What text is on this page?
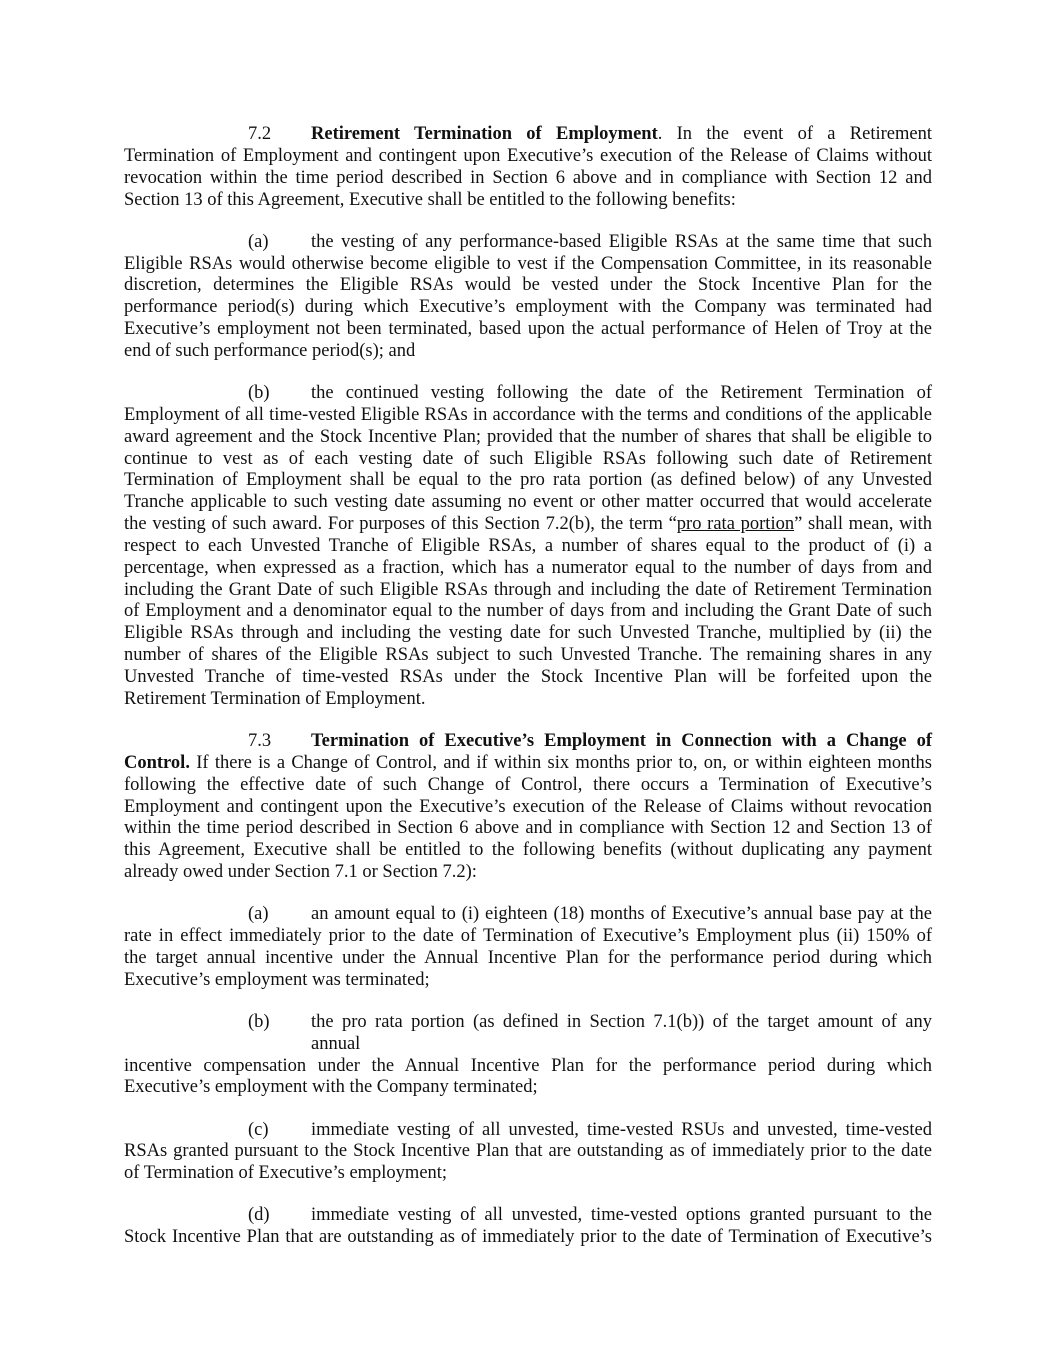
7.2 Retirement Termination of Employment. In the event of a Retirement
Termination of Employment and contingent upon Executive’s execution of the Release of Claims without
revocation within the time period described in Section 6 above and in compliance with Section 12 and
Section 13 of this Agreement, Executive shall be entitled to the following benefits:
(a) the vesting of any performance-based Eligible RSAs at the same time that such
Eligible RSAs would otherwise become eligible to vest if the Compensation Committee, in its reasonable
discretion, determines the Eligible RSAs would be vested under the Stock Incentive Plan for the
performance period(s) during which Executive’s employment with the Company was terminated had
Executive’s employment not been terminated, based upon the actual performance of Helen of Troy at the
end of such performance period(s); and
(b) the continued vesting following the date of the Retirement Termination of
Employment of all time-vested Eligible RSAs in accordance with the terms and conditions of the applicable
award agreement and the Stock Incentive Plan; provided that the number of shares that shall be eligible to
continue to vest as of each vesting date of such Eligible RSAs following such date of Retirement
Termination of Employment shall be equal to the pro rata portion (as defined below) of any Unvested
Tranche applicable to such vesting date assuming no event or other matter occurred that would accelerate
the vesting of such award. For purposes of this Section 7.2(b), the term “pro rata portion” shall mean, with
respect to each Unvested Tranche of Eligible RSAs, a number of shares equal to the product of (i) a
percentage, when expressed as a fraction, which has a numerator equal to the number of days from and
including the Grant Date of such Eligible RSAs through and including the date of Retirement Termination
of Employment and a denominator equal to the number of days from and including the Grant Date of such
Eligible RSAs through and including the vesting date for such Unvested Tranche, multiplied by (ii) the
number of shares of the Eligible RSAs subject to such Unvested Tranche. The remaining shares in any
Unvested Tranche of time-vested RSAs under the Stock Incentive Plan will be forfeited upon the
Retirement Termination of Employment.
7.3 Termination of Executive’s Employment in Connection with a Change of
Control. If there is a Change of Control, and if within six months prior to, on, or within eighteen months
following the effective date of such Change of Control, there occurs a Termination of Executive’s
Employment and contingent upon the Executive’s execution of the Release of Claims without revocation
within the time period described in Section 6 above and in compliance with Section 12 and Section 13 of
this Agreement, Executive shall be entitled to the following benefits (without duplicating any payment
already owed under Section 7.1 or Section 7.2):
(a) an amount equal to (i) eighteen (18) months of Executive’s annual base pay at the
rate in effect immediately prior to the date of Termination of Executive’s Employment plus (ii) 150% of
the target annual incentive under the Annual Incentive Plan for the performance period during which
Executive’s employment was terminated;
(b) the pro rata portion (as defined in Section 7.1(b)) of the target amount of any annual
incentive compensation under the Annual Incentive Plan for the performance period during which
Executive’s employment with the Company terminated;
(c) immediate vesting of all unvested, time-vested RSUs and unvested, time-vested
RSAs granted pursuant to the Stock Incentive Plan that are outstanding as of immediately prior to the date
of Termination of Executive’s employment;
(d) immediate vesting of all unvested, time-vested options granted pursuant to the
Stock Incentive Plan that are outstanding as of immediately prior to the date of Termination of Executive’s
